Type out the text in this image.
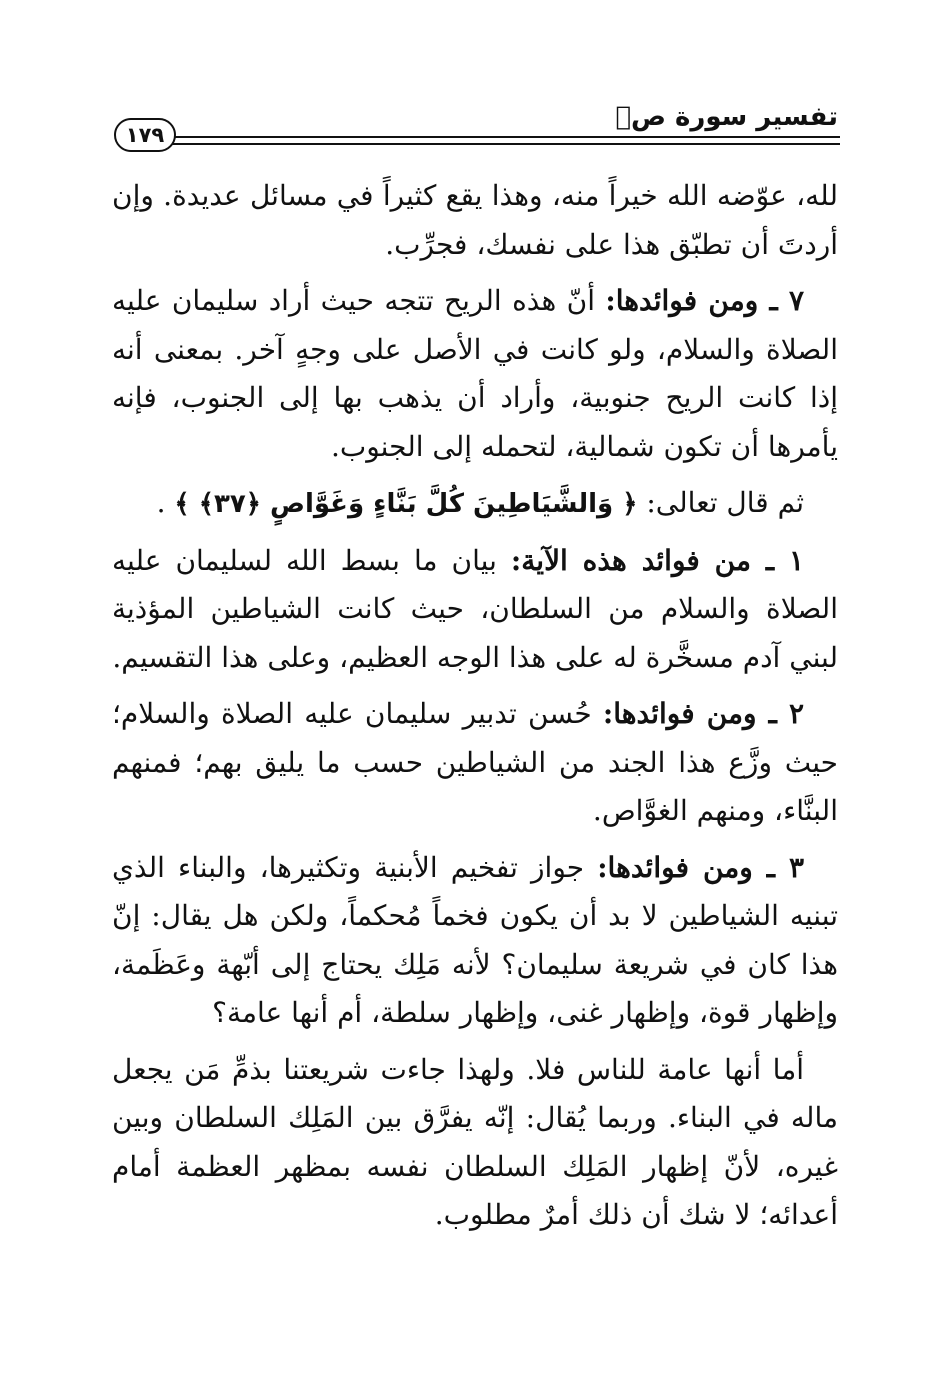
تفسير سورة صۤ
١٧٩

لله، عوّضه الله خيراً منه، وهذا يقع كثيراً في مسائل عديدة. وإن أردتَ أن تطبّق هذا على نفسك، فجرِّب.

٧ ـ ومن فوائدها: أنّ هذه الريح تتجه حيث أراد سليمان عليه الصلاة والسلام، ولو كانت في الأصل على وجهٍ آخر. بمعنى أنه إذا كانت الريح جنوبية، وأراد أن يذهب بها إلى الجنوب، فإنه يأمرها أن تكون شمالية، لتحمله إلى الجنوب.

ثم قال تعالى: ﴿ وَالشَّيَاطِينَ كُلَّ بَنَّاءٍ وَغَوَّاصٍ ﴿٣٧﴾ ﴾ .

١ ـ من فوائد هذه الآية: بيان ما بسط الله لسليمان عليه الصلاة والسلام من السلطان، حيث كانت الشياطين المؤذية لبني آدم مسخَّرة له على هذا الوجه العظيم، وعلى هذا التقسيم.

٢ ـ ومن فوائدها: حُسن تدبير سليمان عليه الصلاة والسلام؛ حيث وزَّع هذا الجند من الشياطين حسب ما يليق بهم؛ فمنهم البنَّاء، ومنهم الغوَّاص.

٣ ـ ومن فوائدها: جواز تفخيم الأبنية وتكثيرها، والبناء الذي تبنيه الشياطين لا بد أن يكون فخماً مُحكماً، ولكن هل يقال: إنّ هذا كان في شريعة سليمان؟ لأنه مَلِك يحتاج إلى أبّهة وعَظَمة، وإظهار قوة، وإظهار غنى، وإظهار سلطة، أم أنها عامة؟

أما أنها عامة للناس فلا. ولهذا جاءت شريعتنا بذمِّ مَن يجعل ماله في البناء. وربما يُقال: إنّه يفرَّق بين المَلِك السلطان وبين غيره، لأنّ إظهار المَلِك السلطان نفسه بمظهر العظمة أمام أعدائه؛ لا شك أن ذلك أمرٌ مطلوب.
